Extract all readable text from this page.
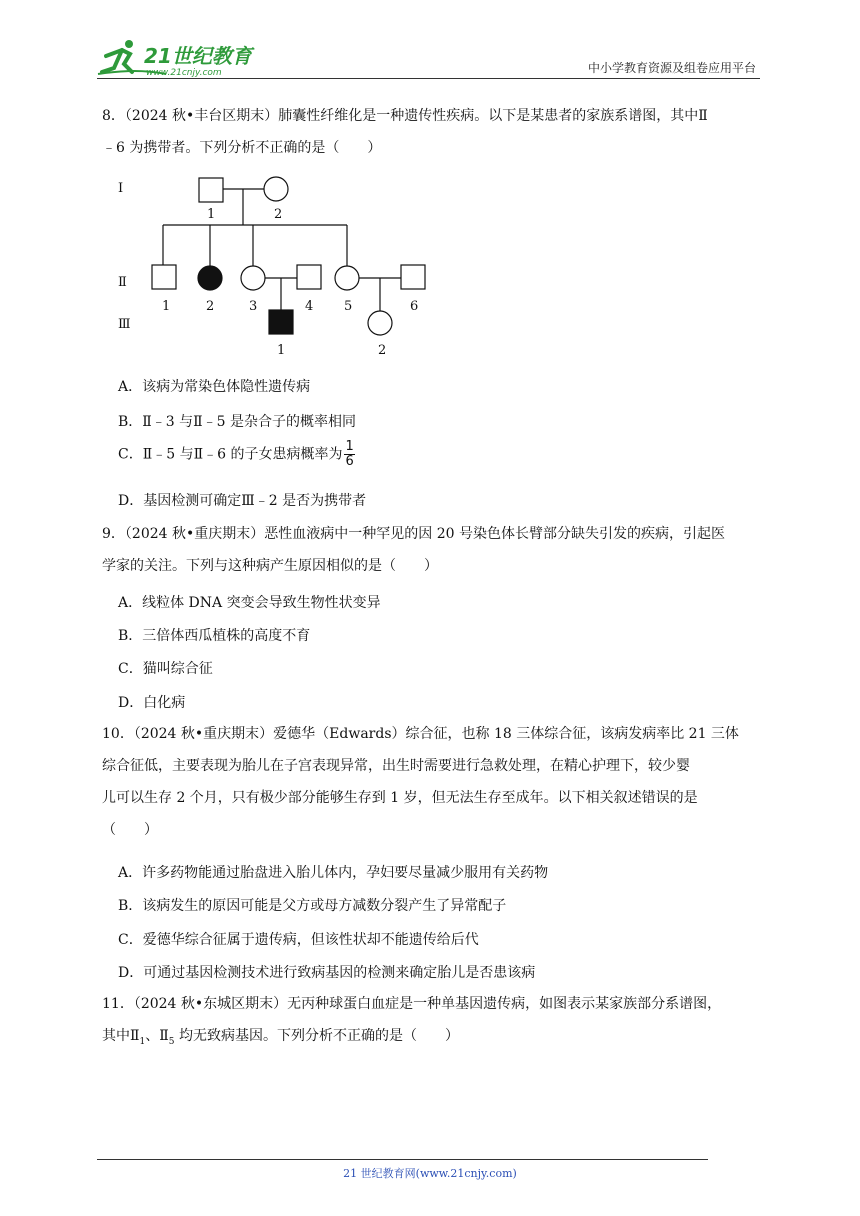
21世纪教育
www.21cnjy.com	中小学教育资源及组卷应用平台
8．（2024 秋•丰台区期末）肺囊性纤维化是一种遗传性疾病。以下是某患者的家族系谱图，其中Ⅱ
﹣6 为携带者。下列分析不正确的是（　　）
Ⅰ
Ⅱ
Ⅲ
1	2
1	2	3	4 5	6
1	2
A．该病为常染色体隐性遗传病
B．Ⅱ﹣3 与Ⅱ﹣5 是杂合子的概率相同
C．Ⅱ﹣5 与Ⅱ﹣6 的子女患病概率为 $\frac{1}{6}$
D．基因检测可确定Ⅲ﹣2 是否为携带者
9．（2024 秋•重庆期末）恶性血液病中一种罕见的因 20 号染色体长臂部分缺失引发的疾病，引起医
学家的关注。下列与这种病产生原因相似的是（　　）
A．线粒体 DNA 突变会导致生物性状变异
B．三倍体西瓜植株的高度不育
C．猫叫综合征
D．白化病
10．（2024 秋•重庆期末）爱德华（Edwards）综合征，也称 18 三体综合征，该病发病率比 21 三体
综合征低，主要表现为胎儿在子宫表现异常，出生时需要进行急救处理，在精心护理下，较少婴
儿可以生存 2 个月，只有极少部分能够生存到 1 岁，但无法生存至成年。以下相关叙述错误的是
（　　）
A．许多药物能通过胎盘进入胎儿体内，孕妇要尽量减少服用有关药物
B．该病发生的原因可能是父方或母方减数分裂产生了异常配子
C．爱德华综合征属于遗传病，但该性状却不能遗传给后代
D．可通过基因检测技术进行致病基因的检测来确定胎儿是否患该病
11．（2024 秋•东城区期末）无丙种球蛋白血症是一种单基因遗传病，如图表示某家族部分系谱图，
其中$Ⅱ_1$、$Ⅱ_5$ 均无致病基因。下列分析不正确的是（　　）
21 世纪教育网(www.21cnjy.com)
